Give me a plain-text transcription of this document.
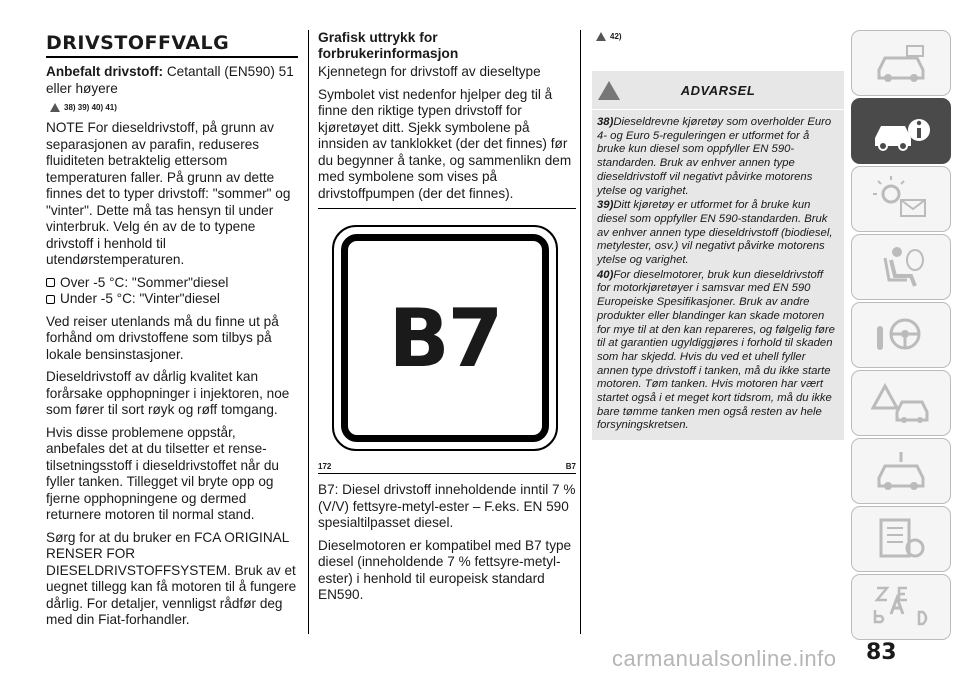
DRIVSTOFFVALG

Anbefalt drivstoff: Cetantall (EN590) 51 eller høyere

38) 39) 40) 41)

NOTE For dieseldrivstoff, på grunn av separasjonen av parafin, reduseres fluiditeten betraktelig ettersom temperaturen faller. På grunn av dette finnes det to typer drivstoff: "sommer" og "vinter". Dette må tas hensyn til under vinterbruk. Velg én av de to typene drivstoff i henhold til utendørstemperaturen.

Over -5 °C: "Sommer"diesel
Under -5 °C: "Vinter"diesel

Ved reiser utenlands må du finne ut på forhånd om drivstoffene som tilbys på lokale bensinstasjoner.

Dieseldrivstoff av dårlig kvalitet kan forårsake opphopninger i injektoren, noe som fører til sort røyk og røff tomgang.

Hvis disse problemene oppstår, anbefales det at du tilsetter et rense-tilsetningsstoff i dieseldrivstoffet når du fyller tanken. Tillegget vil bryte opp og fjerne opphopningene og dermed returnere motoren til normal stand.

Sørg for at du bruker en FCA ORIGINAL RENSER FOR DIESELDRIVSTOFFSYSTEM. Bruk av et uegnet tillegg kan få motoren til å fungere dårlig. For detaljer, vennligst rådfør deg med din Fiat-forhandler.

Grafisk uttrykk for forbrukerinformasjon

Kjennetegn for drivstoff av dieseltype

Symbolet vist nedenfor hjelper deg til å finne den riktige typen drivstoff for kjøretøyet ditt. Sjekk symbolene på innsiden av tanklokket (der det finnes) før du begynner å tanke, og sammenlikn dem med symbolene som vises på drivstoffpumpen (der det finnes).

B7
172	B7

B7: Diesel drivstoff inneholdende inntil 7 % (V/V) fettsyre-metyl-ester – F.eks. EN 590 spesialtilpasset diesel.

Dieselmotoren er kompatibel med B7 type diesel (inneholdende 7 % fettsyre-metyl-ester) i henhold til europeisk standard EN590.

42)
ADVARSEL
38)Dieseldrevne kjøretøy som overholder Euro 4- og Euro 5-reguleringen er utformet for å bruke kun diesel som oppfyller EN 590-standarden. Bruk av enhver annen type dieseldrivstoff vil negativt påvirke motorens ytelse og varighet.
39)Ditt kjøretøy er utformet for å bruke kun diesel som oppfyller EN 590-standarden. Bruk av enhver annen type dieseldrivstoff (biodiesel, metylester, osv.) vil negativt påvirke motorens ytelse og varighet.
40)For dieselmotorer, bruk kun dieseldrivstoff for motorkjøretøyer i samsvar med EN 590 Europeiske Spesifikasjoner. Bruk av andre produkter eller blandinger kan skade motoren for mye til at den kan repareres, og følgelig føre til at garantien ugyldiggjøres i forhold til skaden som har skjedd. Hvis du ved et uhell fyller annen type drivstoff i tanken, må du ikke starte motoren. Tøm tanken. Hvis motoren har vært startet også i et meget kort tidsrom, må du ikke bare tømme tanken men også resten av hele forsyningskretsen.
83
carmanualsonline.info
